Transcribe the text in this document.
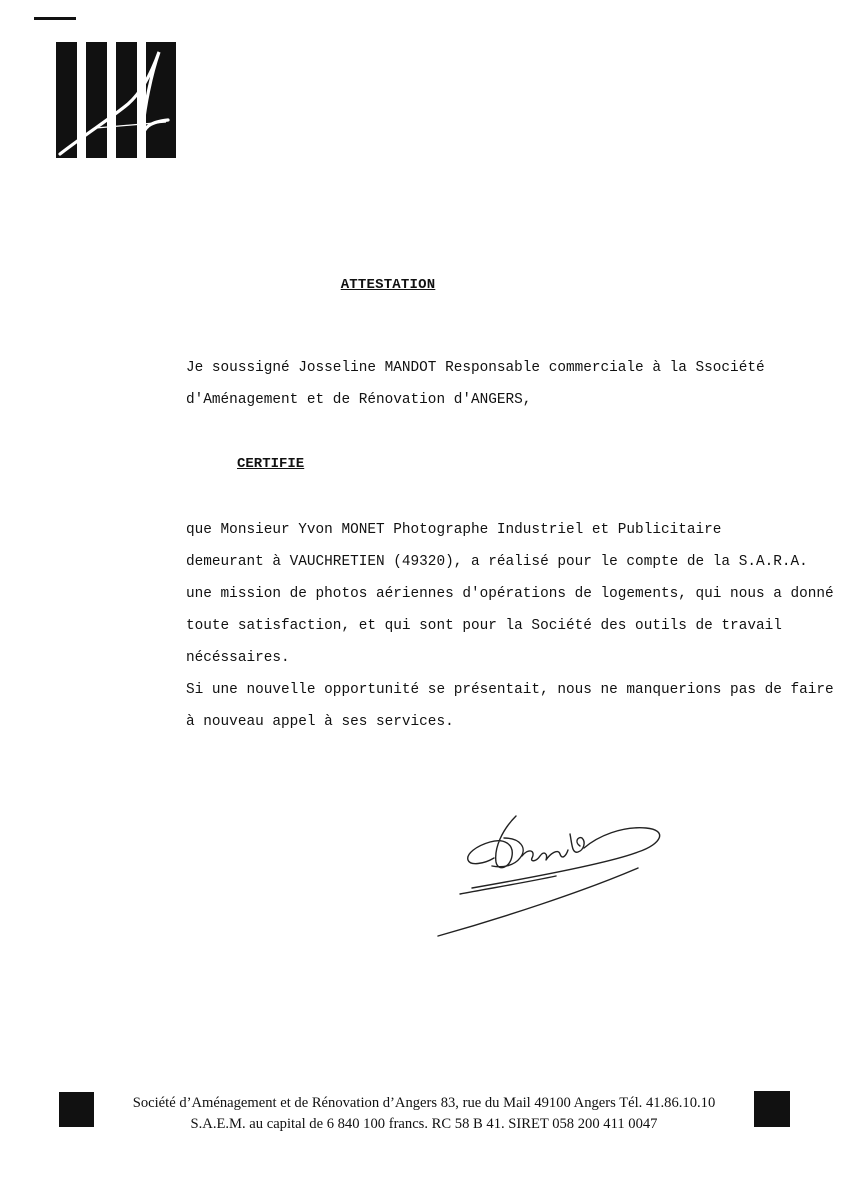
ATTESTATION
Je soussigné Josseline MANDOT Responsable commerciale à la Ssociété
d'Aménagement et de Rénovation d'ANGERS,
CERTIFIE
que Monsieur Yvon MONET Photographe Industriel et Publicitaire
demeurant à VAUCHRETIEN (49320), a réalisé pour le compte de la S.A.R.A.
une mission de photos aériennes d'opérations de logements, qui nous a donné
toute satisfaction, et qui sont pour la Société des outils de travail
nécéssaires.
Si une nouvelle opportunité se présentait, nous ne manquerions pas de faire
à nouveau appel à ses services.
Société d’Aménagement et de Rénovation d’Angers 83, rue du Mail 49100 Angers Tél. 41.86.10.10
S.A.E.M. au capital de 6 840 100 francs. RC 58 B 41. SIRET 058 200 411 0047
